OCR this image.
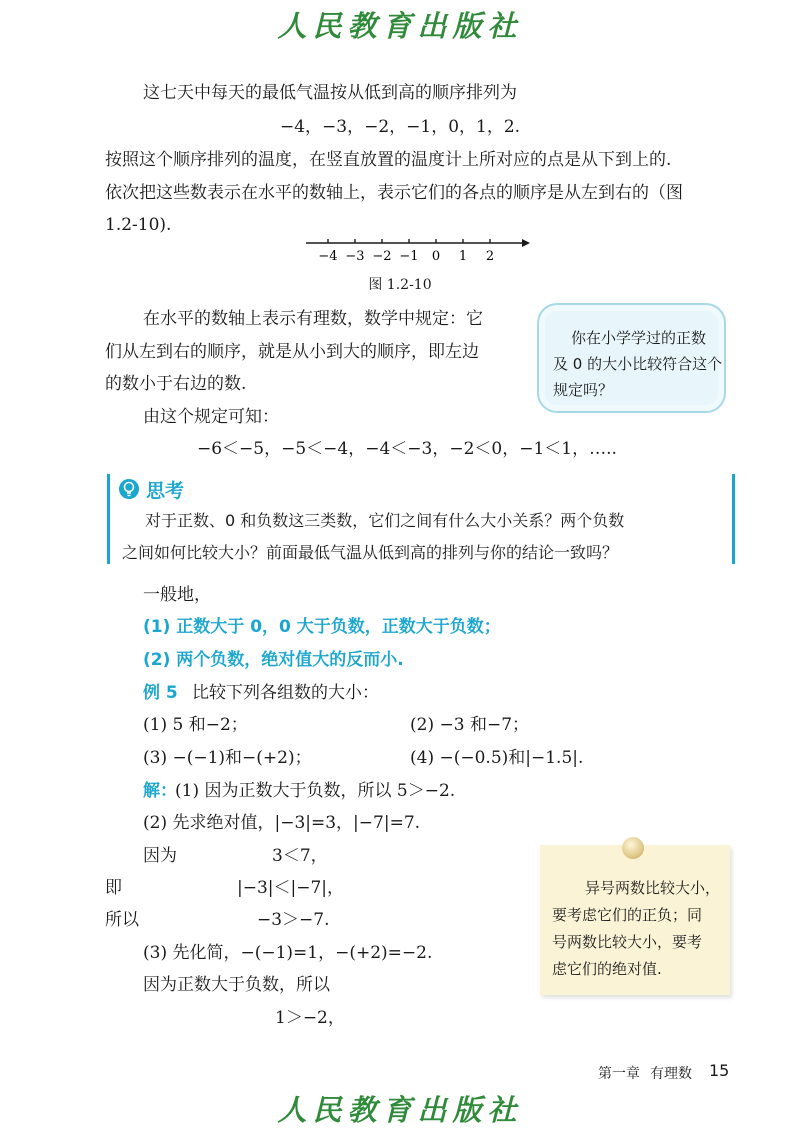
人民教育出版社
这七天中每天的最低气温按从低到高的顺序排列为
−4，−3，−2，−1，0，1，2.
按照这个顺序排列的温度，在竖直放置的温度计上所对应的点是从下到上的.
依次把这些数表示在水平的数轴上，表示它们的各点的顺序是从左到右的（图
1.2-10).
−4 −3 −2 −1 0 1 2
图 1.2-10
在水平的数轴上表示有理数，数学中规定：它
们从左到右的顺序，就是从小到大的顺序，即左边
的数小于右边的数.
由这个规定可知：
−6＜−5，−5＜−4，−4＜−3，−2＜0，−1＜1，…..
你在小学学过的正数
及 0 的大小比较符合这个
规定吗？
思考
对于正数、0 和负数这三类数，它们之间有什么大小关系？两个负数
之间如何比较大小？前面最低气温从低到高的排列与你的结论一致吗？
一般地，
(1) 正数大于 0，0 大于负数，正数大于负数；
(2) 两个负数，绝对值大的反而小.
例 5 比较下列各组数的大小：
(1) 5 和−2；	(2) −3 和−7；
(3) −(−1)和−(+2)；	(4) −(−0.5)和|−1.5|.
解：
(1) 因为正数大于负数，所以 5＞−2.
(2) 先求绝对值，|−3|=3，|−7|=7.
因为	3＜7，
即	|−3|＜|−7|，
所以	−3＞−7.
(3) 先化简，−(−1)=1，−(+2)=−2.
因为正数大于负数，所以
1＞−2，
异号两数比较大小，
要考虑它们的正负；同
号两数比较大小，要考
虑它们的绝对值.
第一章 有理数 15
人民教育出版社
